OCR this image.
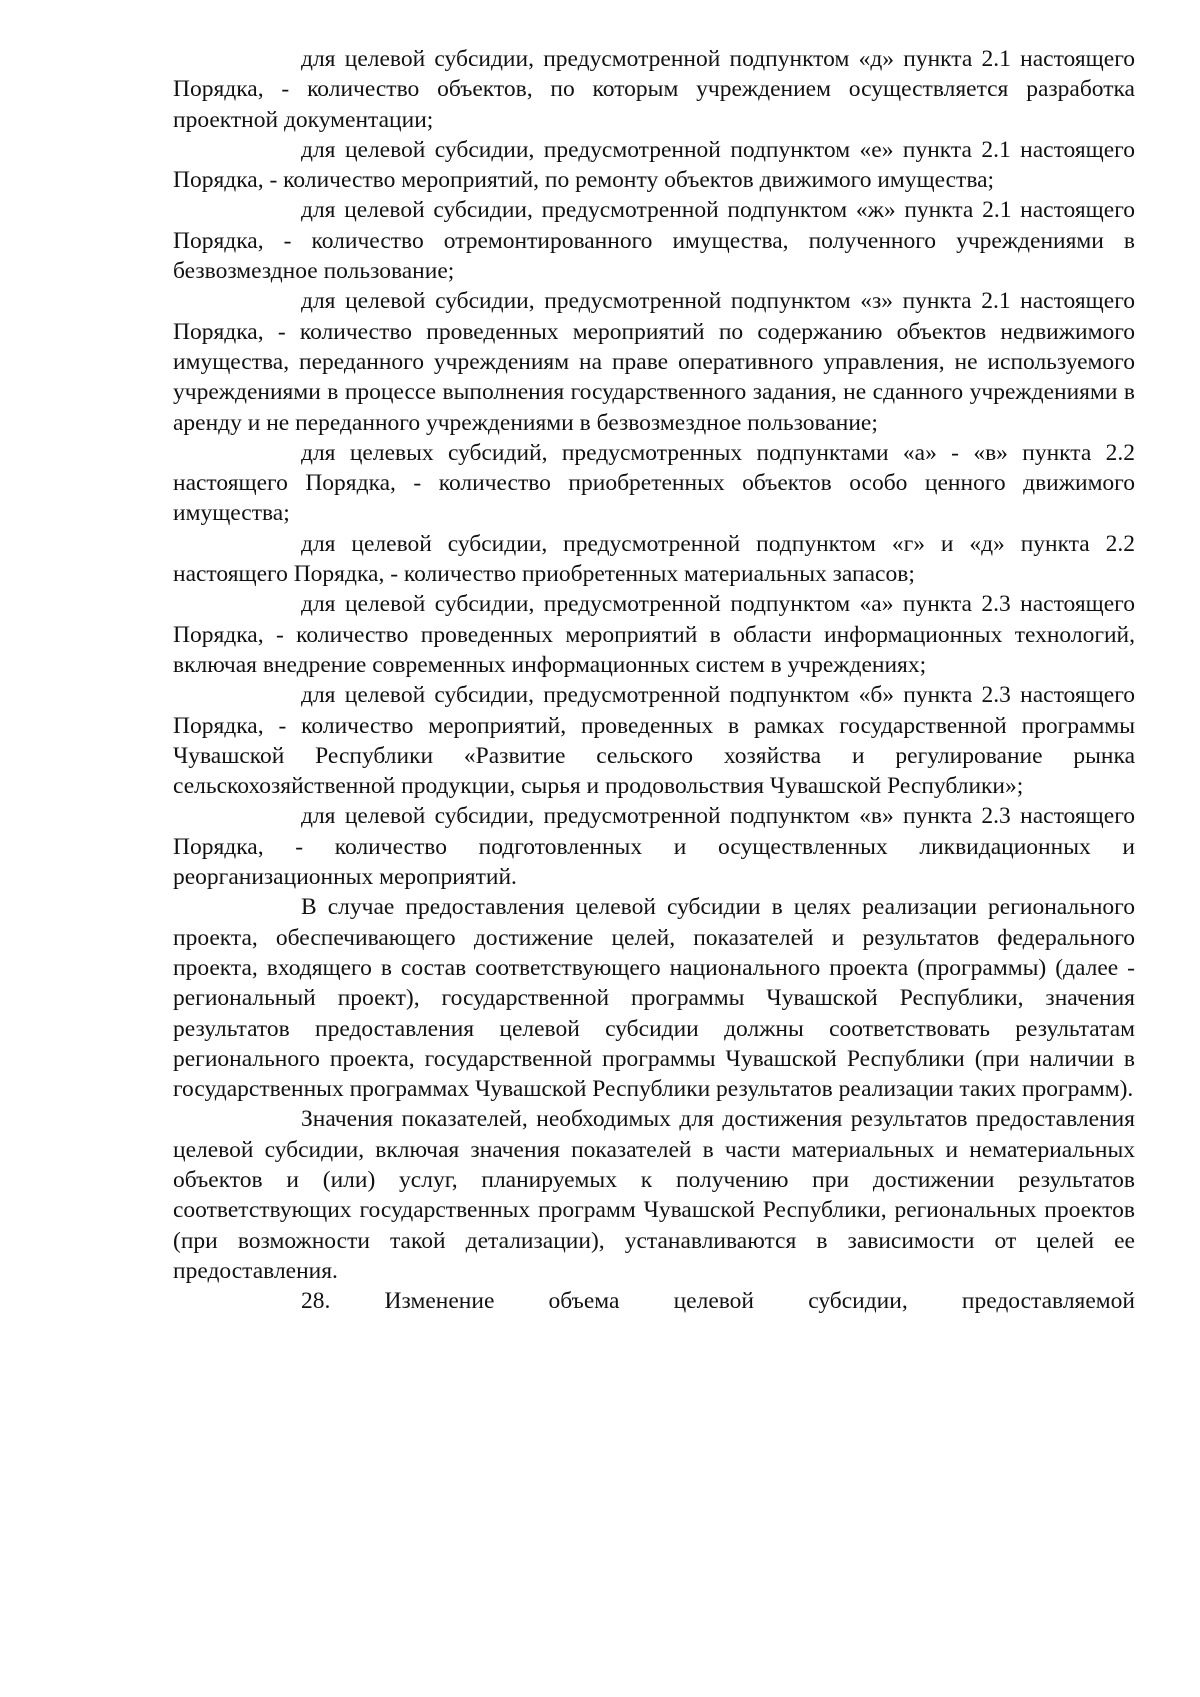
для целевой субсидии, предусмотренной подпунктом «д» пункта 2.1 настоящего Порядка, - количество объектов, по которым учреждением осуществляется разработка проектной документации;

для целевой субсидии, предусмотренной подпунктом «е» пункта 2.1 настоящего Порядка, - количество мероприятий, по ремонту объектов движимого имущества;

для целевой субсидии, предусмотренной подпунктом «ж» пункта 2.1 настоящего Порядка, - количество отремонтированного имущества, полученного учреждениями в безвозмездное пользование;

для целевой субсидии, предусмотренной подпунктом «з» пункта 2.1 настоящего Порядка, - количество проведенных мероприятий по содержанию объектов недвижимого имущества, переданного учреждениям на праве оперативного управления, не используемого учреждениями в процессе выполнения государственного задания, не сданного учреждениями в аренду и не переданного учреждениями в безвозмездное пользование;

для целевых субсидий, предусмотренных подпунктами «а» - «в» пункта 2.2 настоящего Порядка, - количество приобретенных объектов особо ценного движимого имущества;

для целевой субсидии, предусмотренной подпунктом «г» и «д» пункта 2.2 настоящего Порядка, - количество приобретенных материальных запасов;

для целевой субсидии, предусмотренной подпунктом «а» пункта 2.3 настоящего Порядка, - количество проведенных мероприятий в области информационных технологий, включая внедрение современных информационных систем в учреждениях;

для целевой субсидии, предусмотренной подпунктом «б» пункта 2.3 настоящего Порядка, - количество мероприятий, проведенных в рамках государственной программы Чувашской Республики «Развитие сельского хозяйства и регулирование рынка сельскохозяйственной продукции, сырья и продовольствия Чувашской Республики»;

для целевой субсидии, предусмотренной подпунктом «в» пункта 2.3 настоящего Порядка, - количество подготовленных и осуществленных ликвидационных и реорганизационных мероприятий.

В случае предоставления целевой субсидии в целях реализации регионального проекта, обеспечивающего достижение целей, показателей и результатов федерального проекта, входящего в состав соответствующего национального проекта (программы) (далее - региональный проект), государственной программы Чувашской Республики, значения результатов предоставления целевой субсидии должны соответствовать результатам регионального проекта, государственной программы Чувашской Республики (при наличии в государственных программах Чувашской Республики результатов реализации таких программ).

Значения показателей, необходимых для достижения результатов предоставления целевой субсидии, включая значения показателей в части материальных и нематериальных объектов и (или) услуг, планируемых к получению при достижении результатов соответствующих государственных программ Чувашской Республики, региональных проектов (при возможности такой детализации), устанавливаются в зависимости от целей ее предоставления.

28. Изменение объема целевой субсидии, предоставляемой
